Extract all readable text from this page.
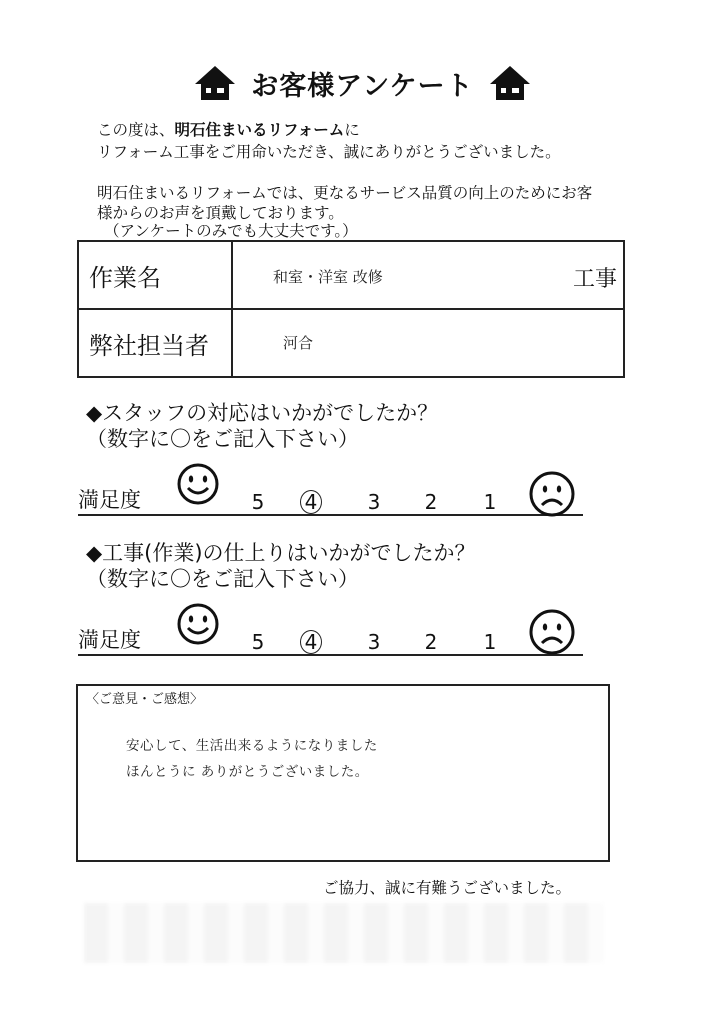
お客様アンケート
この度は、明石住まいるリフォームに
リフォーム工事をご用命いただき、誠にありがとうございました。
明石住まいるリフォームでは、更なるサービス品質の向上のためにお客
様からのお声を頂戴しております。
（アンケートのみでも大丈夫です。）
作業名	和室・洋室 改修 工事

弊社担当者	河合
◆スタッフの対応はいかがでしたか？
（数字に〇をご記入下さい）
満足度	5 4	3 2 1
◆工事(作業)の仕上りはいかがでしたか？
（数字に〇をご記入下さい）
満足度	5 4	3 2 1
〈ご意見・ご感想〉
安心して、生活出来るようになりました
ほんとうに ありがとうございました。
ご協力、誠に有難うございました。
